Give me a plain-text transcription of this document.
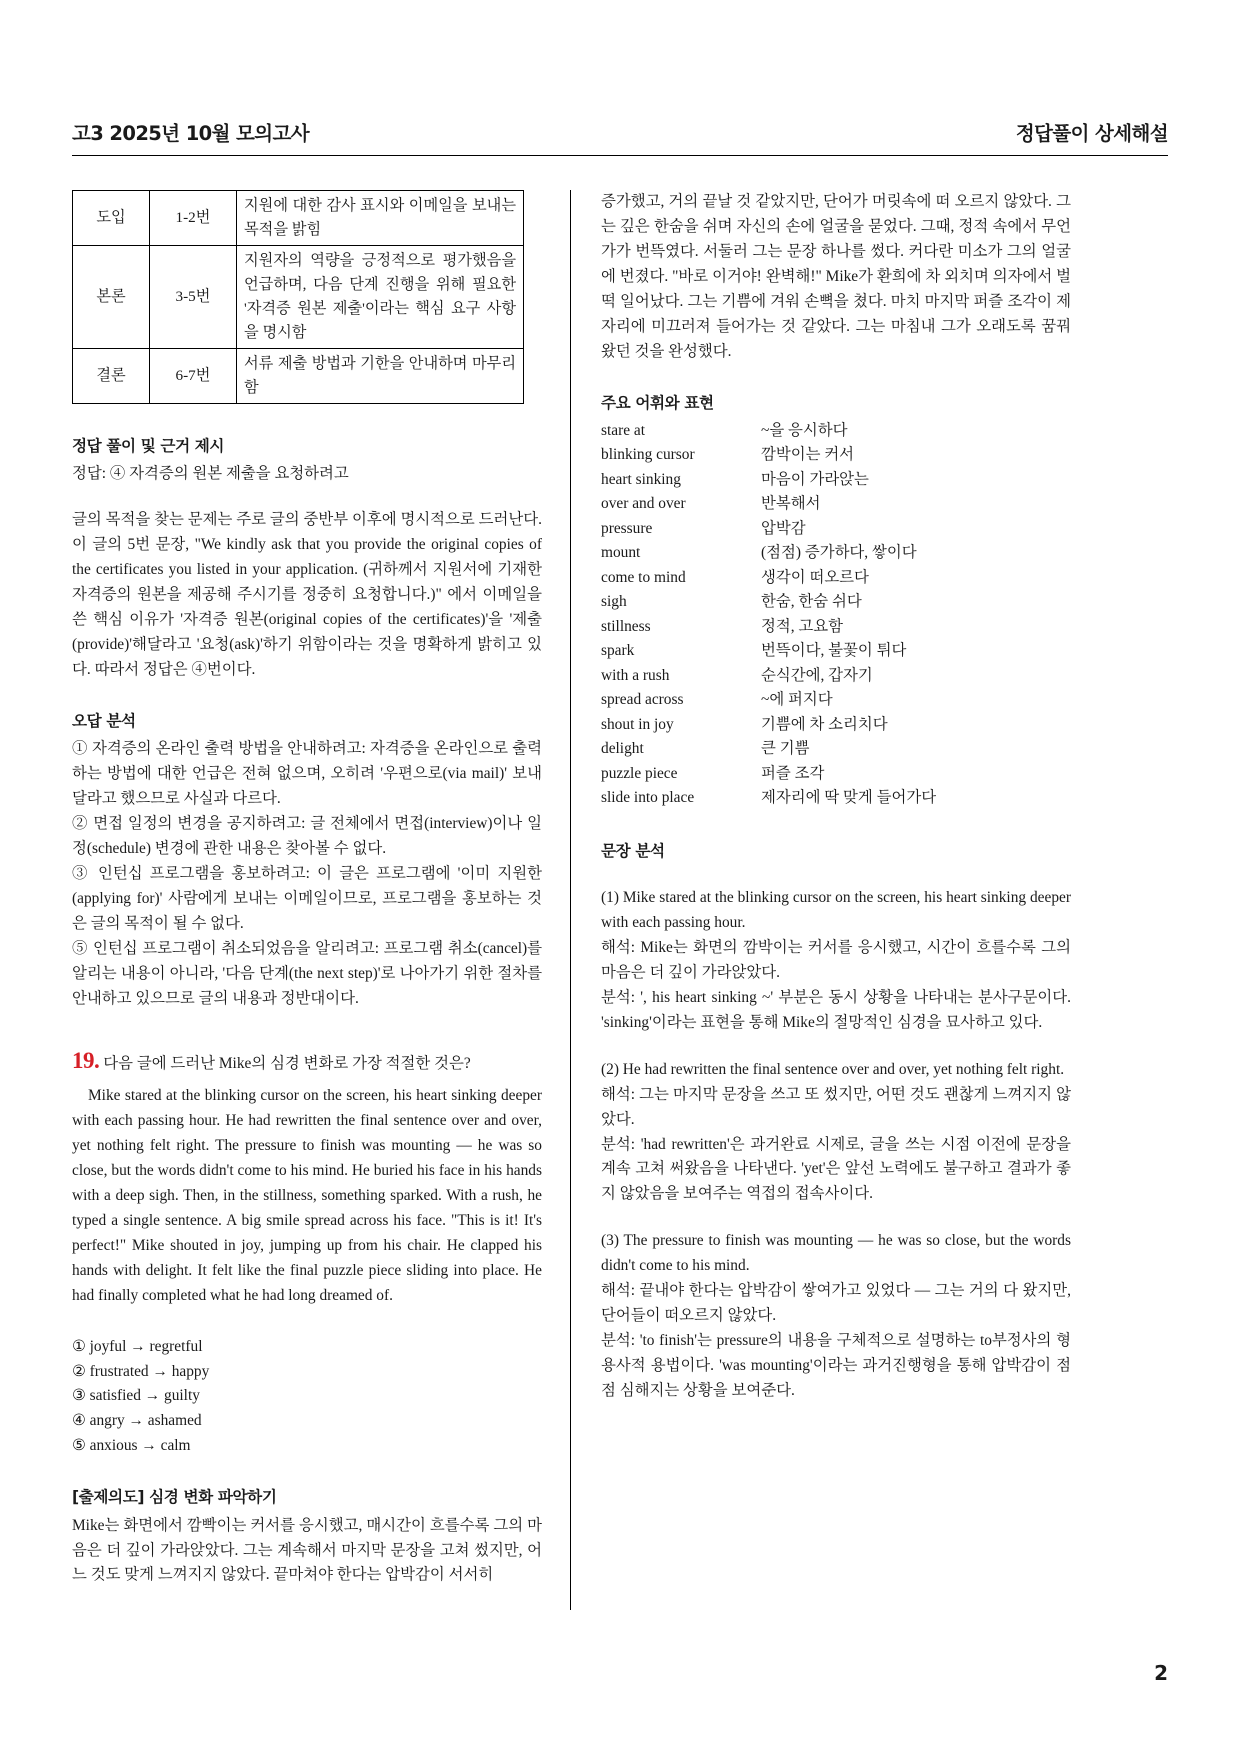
고3 2025년 10월 모의고사	정답풀이 상세해설
도입	1-2번	지원에 대한 감사 표시와 이메일을 보내는 목적을 밝힘
본론	3-5번	지원자의 역량을 긍정적으로 평가했음을 언급하며, 다음 단계 진행을 위해 필요한 '자격증 원본 제출'이라는 핵심 요구 사항을 명시함
결론	6-7번	서류 제출 방법과 기한을 안내하며 마무리함
정답 풀이 및 근거 제시

정답: ④ 자격증의 원본 제출을 요청하려고

글의 목적을 찾는 문제는 주로 글의 중반부 이후에 명시적으로 드러난다. 이 글의 5번 문장, "We kindly ask that you provide the original copies of the certificates you listed in your application. (귀하께서 지원서에 기재한 자격증의 원본을 제공해 주시기를 정중히 요청합니다.)" 에서 이메일을 쓴 핵심 이유가 '자격증 원본(original copies of the certificates)'을 '제출(provide)'해달라고 '요청(ask)'하기 위함이라는 것을 명확하게 밝히고 있다. 따라서 정답은 ④번이다.

오답 분석

① 자격증의 온라인 출력 방법을 안내하려고: 자격증을 온라인으로 출력하는 방법에 대한 언급은 전혀 없으며, 오히려 '우편으로(via mail)' 보내달라고 했으므로 사실과 다르다.

② 면접 일정의 변경을 공지하려고: 글 전체에서 면접(interview)이나 일정(schedule) 변경에 관한 내용은 찾아볼 수 없다.

③ 인턴십 프로그램을 홍보하려고: 이 글은 프로그램에 '이미 지원한 (applying for)' 사람에게 보내는 이메일이므로, 프로그램을 홍보하는 것은 글의 목적이 될 수 없다.

⑤ 인턴십 프로그램이 취소되었음을 알리려고: 프로그램 취소(cancel)를 알리는 내용이 아니라, '다음 단계(the next step)'로 나아가기 위한 절차를 안내하고 있으므로 글의 내용과 정반대이다.

19. 다음 글에 드러난 Mike의 심경 변화로 가장 적절한 것은?

Mike stared at the blinking cursor on the screen, his heart sinking deeper with each passing hour. He had rewritten the final sentence over and over, yet nothing felt right. The pressure to finish was mounting — he was so close, but the words didn't come to his mind. He buried his face in his hands with a deep sigh. Then, in the stillness, something sparked. With a rush, he typed a single sentence. A big smile spread across his face. "This is it! It's perfect!" Mike shouted in joy, jumping up from his chair. He clapped his hands with delight. It felt like the final puzzle piece sliding into place. He had finally completed what he had long dreamed of.

① joyful → regretful

② frustrated → happy

③ satisfied → guilty

④ angry → ashamed

⑤ anxious → calm

[출제의도] 심경 변화 파악하기

Mike는 화면에서 깜빡이는 커서를 응시했고, 매시간이 흐를수록 그의 마음은 더 깊이 가라앉았다. 그는 계속해서 마지막 문장을 고쳐 썼지만, 어느 것도 맞게 느껴지지 않았다. 끝마쳐야 한다는 압박감이 서서히

증가했고, 거의 끝날 것 같았지만, 단어가 머릿속에 떠 오르지 않았다. 그는 깊은 한숨을 쉬며 자신의 손에 얼굴을 묻었다. 그때, 정적 속에서 무언가가 번뜩였다. 서둘러 그는 문장 하나를 썼다. 커다란 미소가 그의 얼굴에 번졌다. "바로 이거야! 완벽해!" Mike가 환희에 차 외치며 의자에서 벌떡 일어났다. 그는 기쁨에 겨워 손뼉을 쳤다. 마치 마지막 퍼즐 조각이 제자리에 미끄러져 들어가는 것 같았다. 그는 마침내 그가 오래도록 꿈꿔 왔던 것을 완성했다.

주요 어휘와 표현
stare at	~을 응시하다
blinking cursor	깜박이는 커서
heart sinking	마음이 가라앉는
over and over	반복해서
pressure	압박감
mount	(점점) 증가하다, 쌓이다
come to mind	생각이 떠오르다
sigh	한숨, 한숨 쉬다
stillness	정적, 고요함
spark	번뜩이다, 불꽃이 튀다
with a rush	순식간에, 갑자기
spread across	~에 퍼지다
shout in joy	기쁨에 차 소리치다
delight	큰 기쁨
puzzle piece	퍼즐 조각
slide into place	제자리에 딱 맞게 들어가다
문장 분석

(1) Mike stared at the blinking cursor on the screen, his heart sinking deeper with each passing hour.

해석: Mike는 화면의 깜박이는 커서를 응시했고, 시간이 흐를수록 그의 마음은 더 깊이 가라앉았다.

분석: ', his heart sinking ~' 부분은 동시 상황을 나타내는 분사구문이다. 'sinking'이라는 표현을 통해 Mike의 절망적인 심경을 묘사하고 있다.

(2) He had rewritten the final sentence over and over, yet nothing felt right.

해석: 그는 마지막 문장을 쓰고 또 썼지만, 어떤 것도 괜찮게 느껴지지 않았다.

분석: 'had rewritten'은 과거완료 시제로, 글을 쓰는 시점 이전에 문장을 계속 고쳐 써왔음을 나타낸다. 'yet'은 앞선 노력에도 불구하고 결과가 좋지 않았음을 보여주는 역접의 접속사이다.

(3) The pressure to finish was mounting — he was so close, but the words didn't come to his mind.

해석: 끝내야 한다는 압박감이 쌓여가고 있었다 — 그는 거의 다 왔지만, 단어들이 떠오르지 않았다.

분석: 'to finish'는 pressure의 내용을 구체적으로 설명하는 to부정사의 형용사적 용법이다. 'was mounting'이라는 과거진행형을 통해 압박감이 점점 심해지는 상황을 보여준다.

2
